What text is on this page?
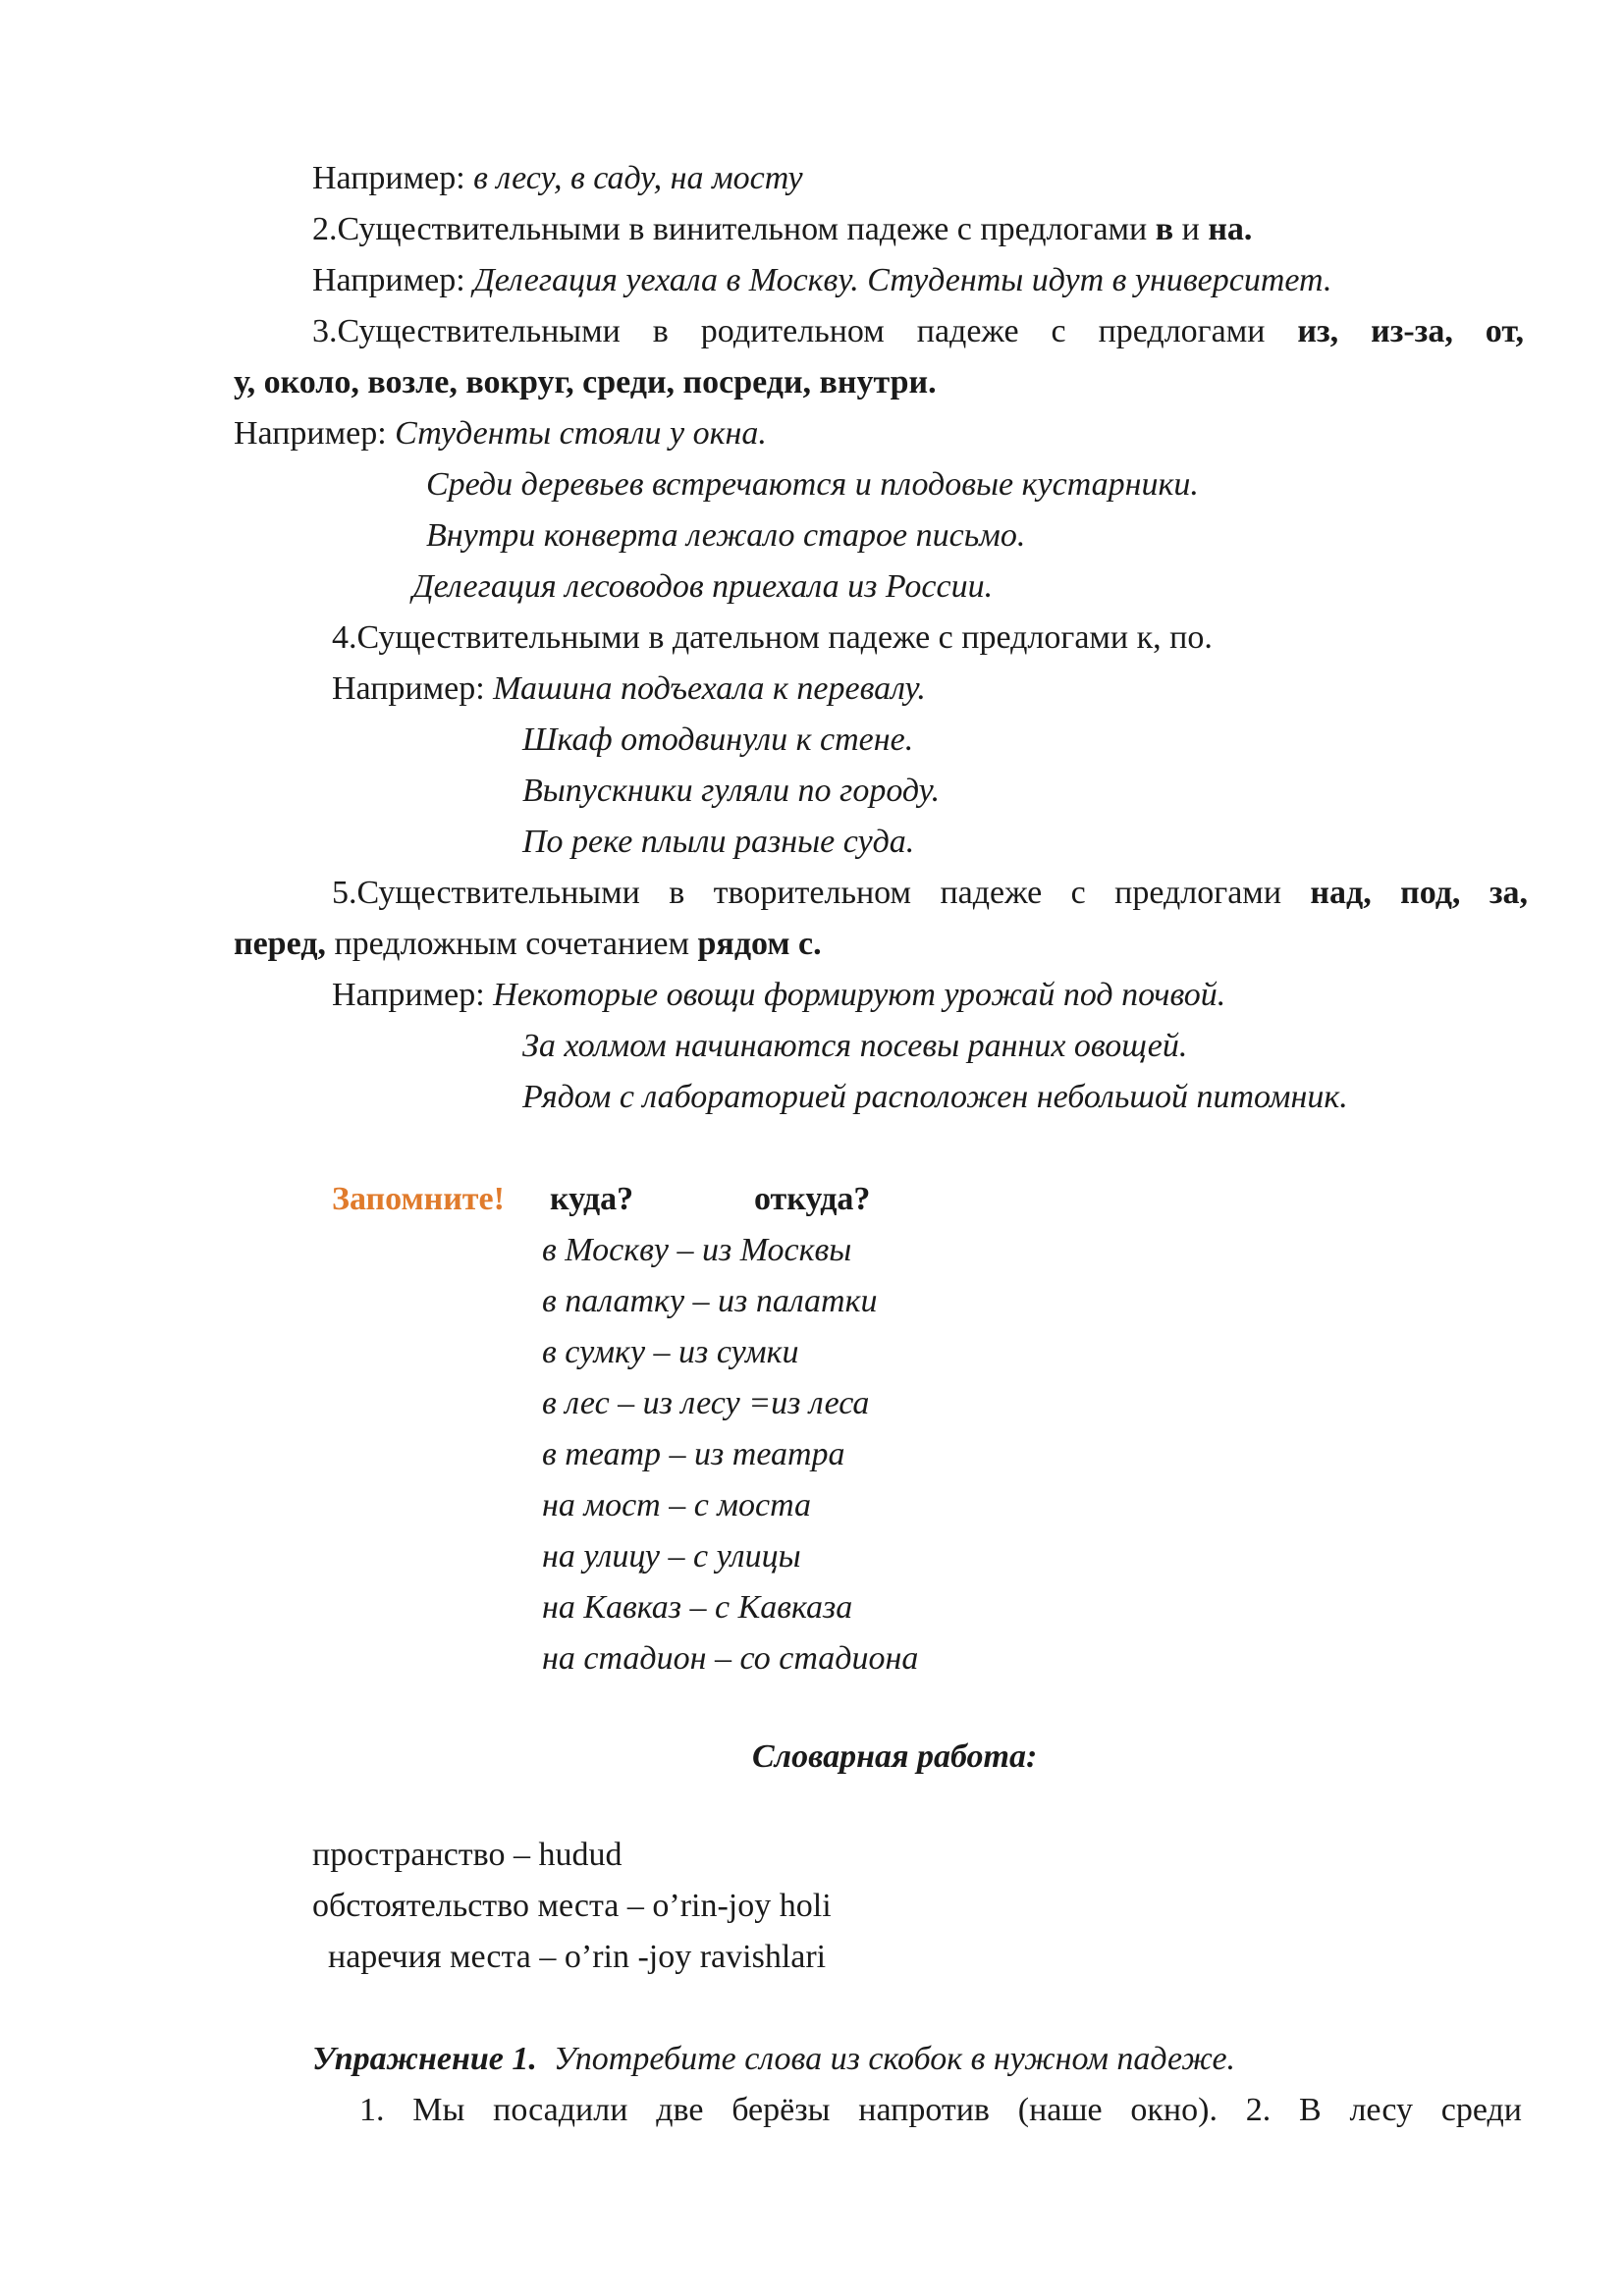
Например: в лесу, в саду, на мосту
2.Существительными в винительном падеже с предлогами в и на.
Например: Делегация уехала в Москву. Студенты идут в университет.
3.Существительными в родительном падеже с предлогами из, из-за, от,
у, около, возле, вокруг, среди, посреди, внутри.
Например: Студенты стояли у окна.
Среди деревьев встречаются и плодовые кустарники.
Внутри конверта лежало старое письмо.
Делегация лесоводов приехала из России.
4.Существительными в дательном падеже с предлогами к, по.
Например: Машина подъехала к перевалу.
Шкаф отодвинули к стене.
Выпускники гуляли по городу.
По реке плыли разные суда.
5.Существительными в творительном падеже с предлогами над, под, за,
перед, предложным сочетанием рядом с.
Например: Некоторые овощи формируют урожай под почвой.
За холмом начинаются посевы ранних овощей.
Рядом с лабораторией расположен небольшой питомник.
Запомните! куда?	откуда?
в Москву – из Москвы
в палатку – из палатки
в сумку – из сумки
в лес – из лесу =из леса
в театр – из театра
на мост – с моста
на улицу – с улицы
на Кавказ – с Кавказа
на стадион – со стадиона
Словарная работа:
пространство – hudud
обстоятельство места – o’rin-joy holi
наречия места – o’rin -joy ravishlari
Упражнение 1. Употребите слова из скобок в нужном падеже.
1. Мы посадили две берёзы напротив (наше окно). 2. В лесу среди
